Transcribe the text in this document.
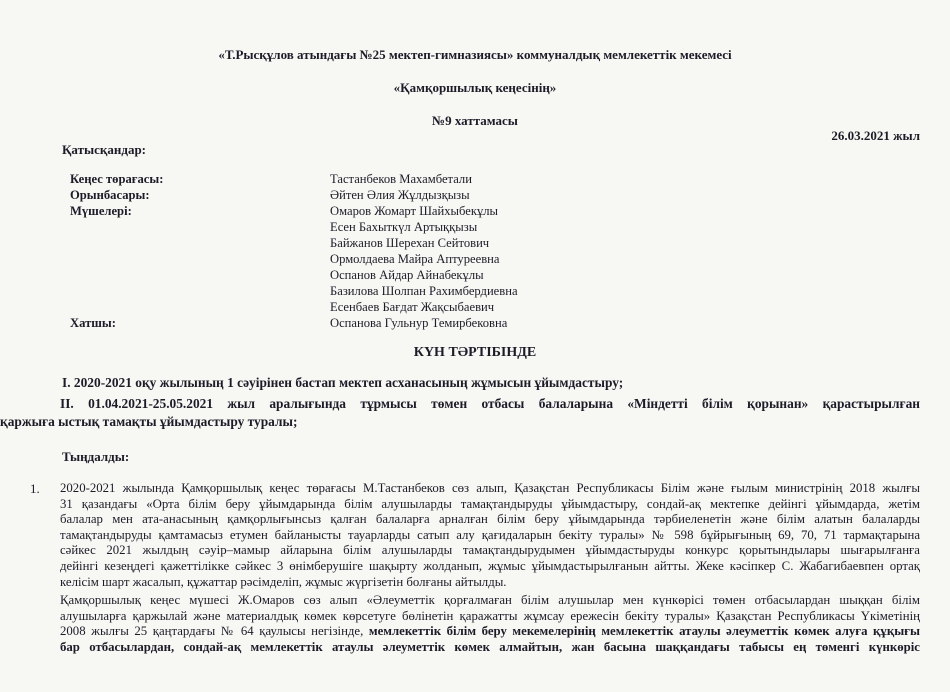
«Т.Рысқұлов атындағы №25 мектеп-гимназиясы» коммуналдық мемлекеттік мекемесі
«Қамқоршылық кеңесінің»
№9 хаттамасы
26.03.2021 жыл
Қатысқандар:
Кеңес төрағасы:	Тастанбеков Махамбетали
Орынбасары:	Әйтен Әлия Жұлдызқызы
Мүшелері:	Омаров Жомарт Шайхыбекұлы
Есен Бахыткүл Артыққызы
Байжанов Шерехан Сейтович
Ормолдаева Майра Аптуреевна
Оспанов Айдар Айнабекұлы
Базилова Шолпан Рахимбердиевна
Есенбаев Бағдат Жақсыбаевич
Хатшы:	Оспанова Гульнур Темирбековна
КҮН ТӘРТІБІНДЕ
I. 2020-2021 оқу жылының 1 сәуірінен бастап мектеп асханасының жұмысын ұйымдастыру;
II. 01.04.2021-25.05.2021 жыл аралығында тұрмысы төмен отбасы балаларына «Міндетті білім қорынан» қарастырылған
қаржыға ыстық тамақты ұйымдастыру туралы;
Тыңдалды:
1. 2020-2021 жылында Қамқоршылық кеңес төрағасы М.Тастанбеков сөз алып, Қазақстан Республикасы Білім және ғылым министрінің 2018 жылғы
31 қазандағы «Орта білім беру ұйымдарында білім алушыларды тамақтандыруды ұйымдастыру, сондай-ақ мектепке дейінгі ұйымдарда, жетім
балалар мен ата-анасының қамқорлығынсыз қалған балаларға арналған білім беру ұйымдарында тәрбиеленетін және білім алатын балаларды
тамақтандыруды қамтамасыз етумен байланысты тауарларды сатып алу қағидаларын бекіту туралы» № 598 бұйрығының 69, 70, 71 тармақтарына
сәйкес 2021 жылдың сәуір–мамыр айларына білім алушыларды тамақтандырудымен ұйымдастыруды конкурс қорытындылары шығарылғанға
дейінгі кезеңдегі қажеттілікке сәйкес 3 өнімберушіге шақырту жолданып, жұмыс ұйымдастырылғанын айтты. Жеке кәсіпкер С. Жабагибаевпен ортақ
келісім шарт жасалып, құжаттар рәсімделіп, жұмыс жүргізетін болғаны айтылды.
Қамқоршылық кеңес мүшесі Ж.Омаров сөз алып «Әлеуметтік қорғалмаған білім алушылар мен күнкөрісі төмен отбасылардан шыққан білім
алушыларға қаржылай және материалдық көмек көрсетуге бөлінетін қаражатты жұмсау ережесін бекіту туралы» Қазақстан Республикасы Үкіметінің
2008 жылғы 25 қаңтардағы № 64 қаулысы негізінде, мемлекеттік білім беру мекемелерінің мемлекеттік атаулы әлеуметтік көмек алуға құқығы
бар отбасылардан, сондай-ақ мемлекеттік атаулы әлеуметтік көмек алмайтын, жан басына шаққандағы табысы ең төменгі күнкөріс
